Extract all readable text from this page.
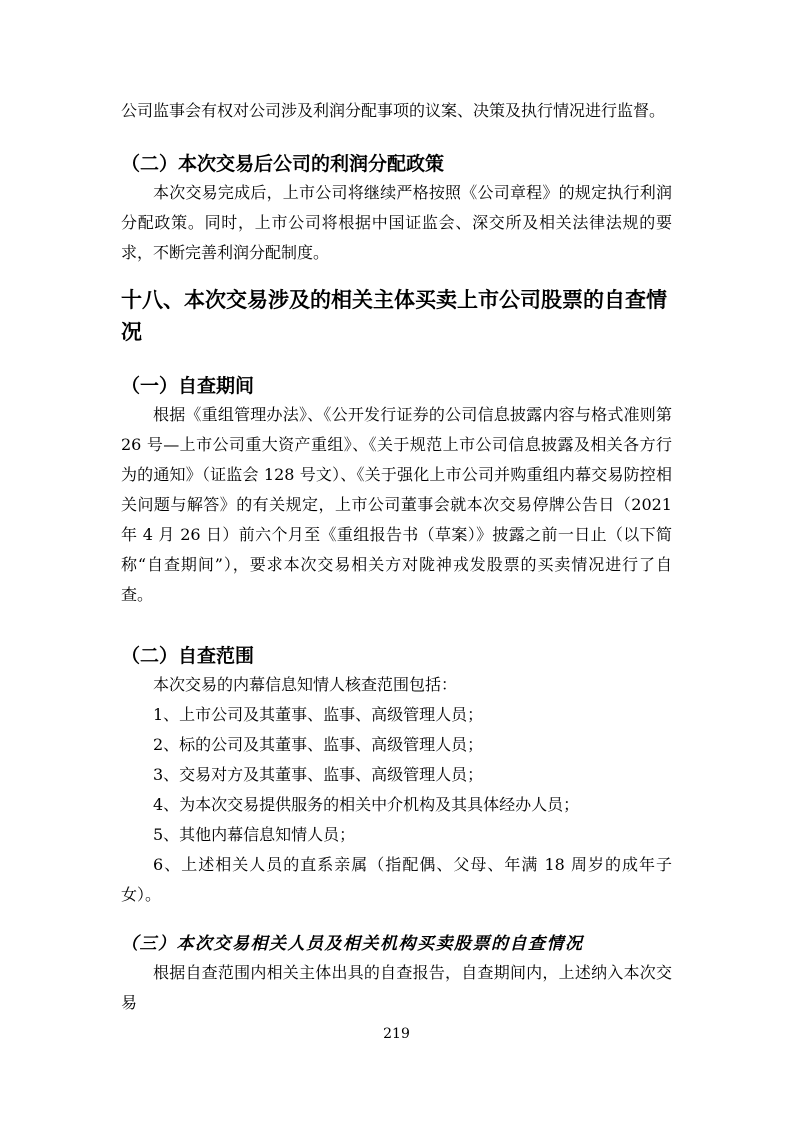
公司监事会有权对公司涉及利润分配事项的议案、决策及执行情况进行监督。

（二）本次交易后公司的利润分配政策

本次交易完成后，上市公司将继续严格按照《公司章程》的规定执行利润分配政策。同时，上市公司将根据中国证监会、深交所及相关法律法规的要求，不断完善利润分配制度。

十八、本次交易涉及的相关主体买卖上市公司股票的自查情况
（一）自查期间

根据《重组管理办法》、《公开发行证券的公司信息披露内容与格式准则第 26 号—上市公司重大资产重组》、《关于规范上市公司信息披露及相关各方行为的通知》（证监会 128 号文）、《关于强化上市公司并购重组内幕交易防控相关问题与解答》的有关规定，上市公司董事会就本次交易停牌公告日（2021 年 4 月 26 日）前六个月至《重组报告书（草案）》披露之前一日止（以下简称“自查期间”），要求本次交易相关方对陇神戎发股票的买卖情况进行了自查。

（二）自查范围

本次交易的内幕信息知情人核查范围包括：

1、上市公司及其董事、监事、高级管理人员；

2、标的公司及其董事、监事、高级管理人员；

3、交易对方及其董事、监事、高级管理人员；

4、为本次交易提供服务的相关中介机构及其具体经办人员；

5、其他内幕信息知情人员；

6、上述相关人员的直系亲属（指配偶、父母、年满 18 周岁的成年子女）。

（三）本次交易相关人员及相关机构买卖股票的自查情况

根据自查范围内相关主体出具的自查报告，自查期间内，上述纳入本次交易

219
